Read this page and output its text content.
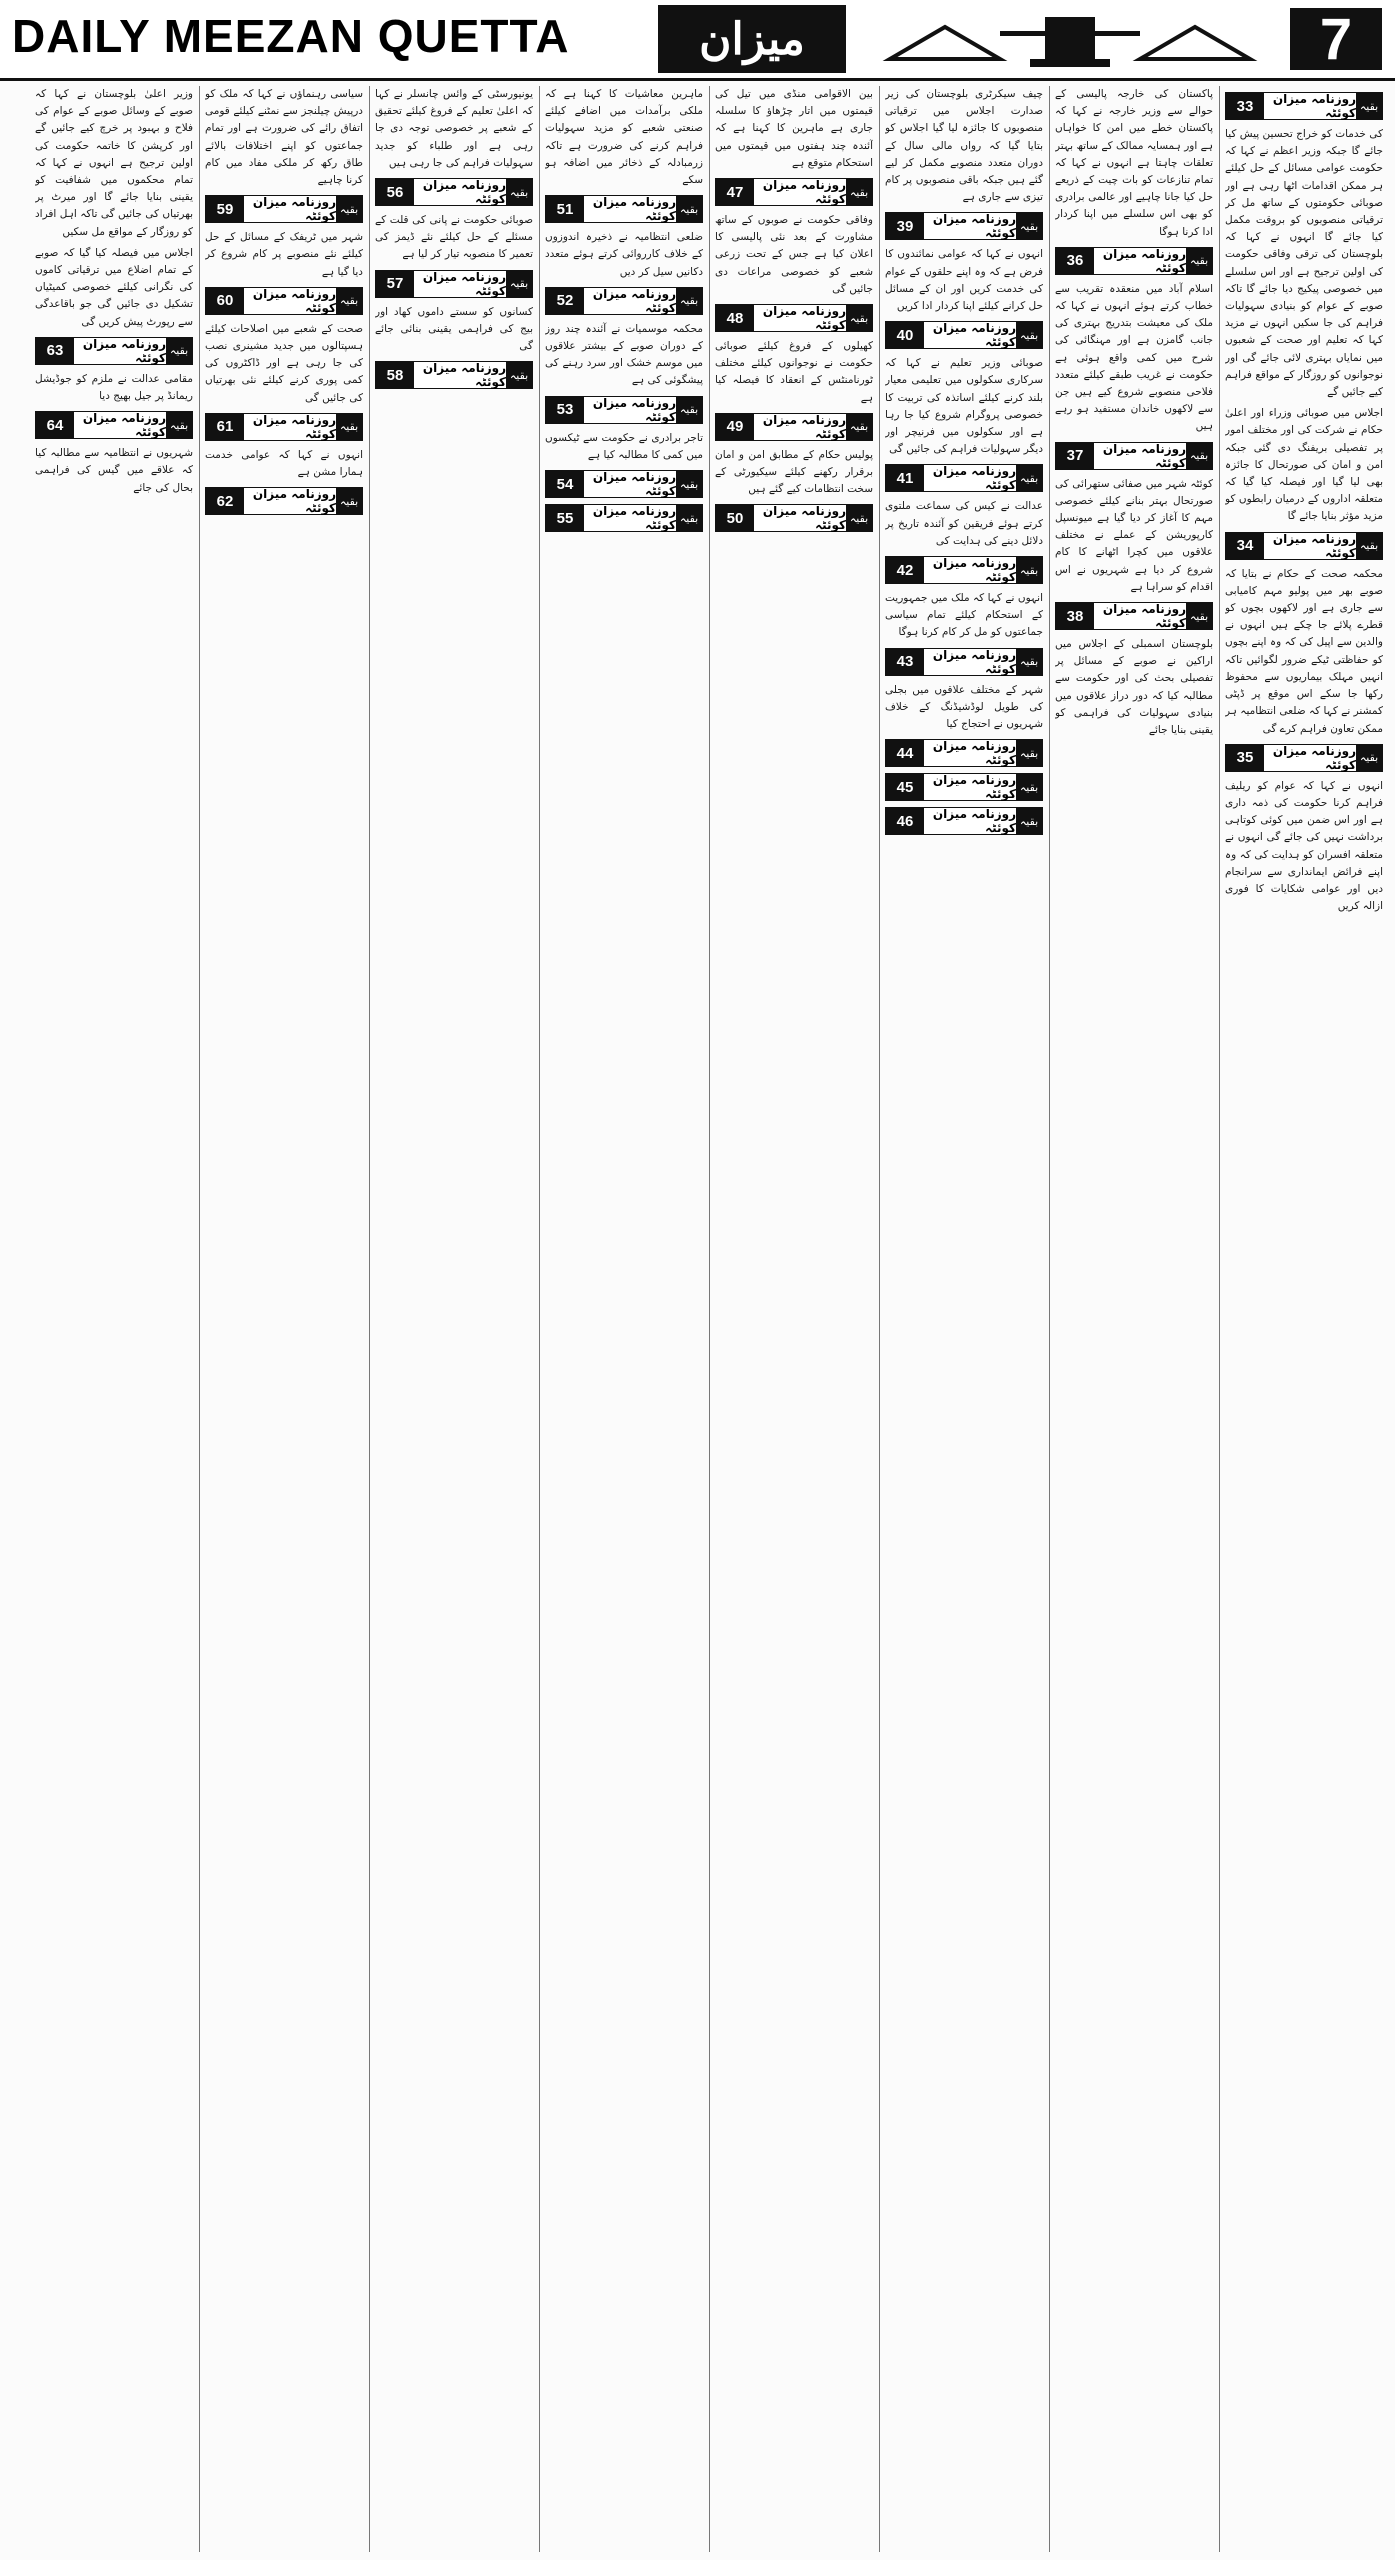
DAILY MEEZAN QUETTA	میزان	7
بقیہ
روزنامہ میزان کوئٹہ
33

کی خدمات کو خراج تحسین پیش کیا جائے گا جبکہ وزیر اعظم نے کہا کہ حکومت عوامی مسائل کے حل کیلئے ہر ممکن اقدامات اٹھا رہی ہے اور صوبائی حکومتوں کے ساتھ مل کر ترقیاتی منصوبوں کو بروقت مکمل کیا جائے گا انہوں نے کہا کہ بلوچستان کی ترقی وفاقی حکومت کی اولین ترجیح ہے اور اس سلسلے میں خصوصی پیکیج دیا جائے گا تاکہ صوبے کے عوام کو بنیادی سہولیات فراہم کی جا سکیں انہوں نے مزید کہا کہ تعلیم اور صحت کے شعبوں میں نمایاں بہتری لائی جائے گی اور نوجوانوں کو روزگار کے مواقع فراہم کیے جائیں گے

اجلاس میں صوبائی وزراء اور اعلیٰ حکام نے شرکت کی اور مختلف امور پر تفصیلی بریفنگ دی گئی جبکہ امن و امان کی صورتحال کا جائزہ بھی لیا گیا اور فیصلہ کیا گیا کہ متعلقہ اداروں کے درمیان رابطوں کو مزید مؤثر بنایا جائے گا

بقیہ
روزنامہ میزان کوئٹہ
34

محکمہ صحت کے حکام نے بتایا کہ صوبے بھر میں پولیو مہم کامیابی سے جاری ہے اور لاکھوں بچوں کو قطرے پلائے جا چکے ہیں انہوں نے والدین سے اپیل کی کہ وہ اپنے بچوں کو حفاظتی ٹیکے ضرور لگوائیں تاکہ انہیں مہلک بیماریوں سے محفوظ رکھا جا سکے اس موقع پر ڈپٹی کمشنر نے کہا کہ ضلعی انتظامیہ ہر ممکن تعاون فراہم کرے گی

بقیہ
روزنامہ میزان کوئٹہ
35

انہوں نے کہا کہ عوام کو ریلیف فراہم کرنا حکومت کی ذمہ داری ہے اور اس ضمن میں کوئی کوتاہی برداشت نہیں کی جائے گی انہوں نے متعلقہ افسران کو ہدایت کی کہ وہ اپنے فرائض ایمانداری سے سرانجام دیں اور عوامی شکایات کا فوری ازالہ کریں

پاکستان کی خارجہ پالیسی کے حوالے سے وزیر خارجہ نے کہا کہ پاکستان خطے میں امن کا خواہاں ہے اور ہمسایہ ممالک کے ساتھ بہتر تعلقات چاہتا ہے انہوں نے کہا کہ تمام تنازعات کو بات چیت کے ذریعے حل کیا جانا چاہیے اور عالمی برادری کو بھی اس سلسلے میں اپنا کردار ادا کرنا ہوگا

بقیہ
روزنامہ میزان کوئٹہ
36

اسلام آباد میں منعقدہ تقریب سے خطاب کرتے ہوئے انہوں نے کہا کہ ملک کی معیشت بتدریج بہتری کی جانب گامزن ہے اور مہنگائی کی شرح میں کمی واقع ہوئی ہے حکومت نے غریب طبقے کیلئے متعدد فلاحی منصوبے شروع کیے ہیں جن سے لاکھوں خاندان مستفید ہو رہے ہیں

بقیہ
روزنامہ میزان کوئٹہ
37

کوئٹہ شہر میں صفائی ستھرائی کی صورتحال بہتر بنانے کیلئے خصوصی مہم کا آغاز کر دیا گیا ہے میونسپل کارپوریشن کے عملے نے مختلف علاقوں میں کچرا اٹھانے کا کام شروع کر دیا ہے شہریوں نے اس اقدام کو سراہا ہے

بقیہ
روزنامہ میزان کوئٹہ
38

بلوچستان اسمبلی کے اجلاس میں اراکین نے صوبے کے مسائل پر تفصیلی بحث کی اور حکومت سے مطالبہ کیا کہ دور دراز علاقوں میں بنیادی سہولیات کی فراہمی کو یقینی بنایا جائے

چیف سیکرٹری بلوچستان کی زیر صدارت اجلاس میں ترقیاتی منصوبوں کا جائزہ لیا گیا اجلاس کو بتایا گیا کہ رواں مالی سال کے دوران متعدد منصوبے مکمل کر لیے گئے ہیں جبکہ باقی منصوبوں پر کام تیزی سے جاری ہے

بقیہ
روزنامہ میزان کوئٹہ
39

انہوں نے کہا کہ عوامی نمائندوں کا فرض ہے کہ وہ اپنے حلقوں کے عوام کی خدمت کریں اور ان کے مسائل حل کرانے کیلئے اپنا کردار ادا کریں

بقیہ
روزنامہ میزان کوئٹہ
40

صوبائی وزیر تعلیم نے کہا کہ سرکاری سکولوں میں تعلیمی معیار بلند کرنے کیلئے اساتذہ کی تربیت کا خصوصی پروگرام شروع کیا جا رہا ہے اور سکولوں میں فرنیچر اور دیگر سہولیات فراہم کی جائیں گی

بقیہ
روزنامہ میزان کوئٹہ
41

عدالت نے کیس کی سماعت ملتوی کرتے ہوئے فریقین کو آئندہ تاریخ پر دلائل دینے کی ہدایت کی

بقیہ
روزنامہ میزان کوئٹہ
42

انہوں نے کہا کہ ملک میں جمہوریت کے استحکام کیلئے تمام سیاسی جماعتوں کو مل کر کام کرنا ہوگا

بقیہ
روزنامہ میزان کوئٹہ
43

شہر کے مختلف علاقوں میں بجلی کی طویل لوڈشیڈنگ کے خلاف شہریوں نے احتجاج کیا

بقیہ
روزنامہ میزان کوئٹہ
44
بقیہ
روزنامہ میزان کوئٹہ
45
بقیہ
روزنامہ میزان کوئٹہ
46

بین الاقوامی منڈی میں تیل کی قیمتوں میں اتار چڑھاؤ کا سلسلہ جاری ہے ماہرین کا کہنا ہے کہ آئندہ چند ہفتوں میں قیمتوں میں استحکام متوقع ہے

بقیہ
روزنامہ میزان کوئٹہ
47

وفاقی حکومت نے صوبوں کے ساتھ مشاورت کے بعد نئی پالیسی کا اعلان کیا ہے جس کے تحت زرعی شعبے کو خصوصی مراعات دی جائیں گی

بقیہ
روزنامہ میزان کوئٹہ
48

کھیلوں کے فروغ کیلئے صوبائی حکومت نے نوجوانوں کیلئے مختلف ٹورنامنٹس کے انعقاد کا فیصلہ کیا ہے

بقیہ
روزنامہ میزان کوئٹہ
49

پولیس حکام کے مطابق امن و امان برقرار رکھنے کیلئے سیکیورٹی کے سخت انتظامات کیے گئے ہیں

بقیہ
روزنامہ میزان کوئٹہ
50

ماہرین معاشیات کا کہنا ہے کہ ملکی برآمدات میں اضافے کیلئے صنعتی شعبے کو مزید سہولیات فراہم کرنے کی ضرورت ہے تاکہ زرمبادلہ کے ذخائر میں اضافہ ہو سکے

بقیہ
روزنامہ میزان کوئٹہ
51

ضلعی انتظامیہ نے ذخیرہ اندوزوں کے خلاف کارروائی کرتے ہوئے متعدد دکانیں سیل کر دیں

بقیہ
روزنامہ میزان کوئٹہ
52

محکمہ موسمیات نے آئندہ چند روز کے دوران صوبے کے بیشتر علاقوں میں موسم خشک اور سرد رہنے کی پیشگوئی کی ہے

بقیہ
روزنامہ میزان کوئٹہ
53

تاجر برادری نے حکومت سے ٹیکسوں میں کمی کا مطالبہ کیا ہے

بقیہ
روزنامہ میزان کوئٹہ
54
بقیہ
روزنامہ میزان کوئٹہ
55

یونیورسٹی کے وائس چانسلر نے کہا کہ اعلیٰ تعلیم کے فروغ کیلئے تحقیق کے شعبے پر خصوصی توجہ دی جا رہی ہے اور طلباء کو جدید سہولیات فراہم کی جا رہی ہیں

بقیہ
روزنامہ میزان کوئٹہ
56

صوبائی حکومت نے پانی کی قلت کے مسئلے کے حل کیلئے نئے ڈیمز کی تعمیر کا منصوبہ تیار کر لیا ہے

بقیہ
روزنامہ میزان کوئٹہ
57

کسانوں کو سستے داموں کھاد اور بیج کی فراہمی یقینی بنائی جائے گی

بقیہ
روزنامہ میزان کوئٹہ
58

سیاسی رہنماؤں نے کہا کہ ملک کو درپیش چیلنجز سے نمٹنے کیلئے قومی اتفاق رائے کی ضرورت ہے اور تمام جماعتوں کو اپنے اختلافات بالائے طاق رکھ کر ملکی مفاد میں کام کرنا چاہیے

بقیہ
روزنامہ میزان کوئٹہ
59

شہر میں ٹریفک کے مسائل کے حل کیلئے نئے منصوبے پر کام شروع کر دیا گیا ہے

بقیہ
روزنامہ میزان کوئٹہ
60

صحت کے شعبے میں اصلاحات کیلئے ہسپتالوں میں جدید مشینری نصب کی جا رہی ہے اور ڈاکٹروں کی کمی پوری کرنے کیلئے نئی بھرتیاں کی جائیں گی

بقیہ
روزنامہ میزان کوئٹہ
61

انہوں نے کہا کہ عوامی خدمت ہمارا مشن ہے

بقیہ
روزنامہ میزان کوئٹہ
62

وزیر اعلیٰ بلوچستان نے کہا کہ صوبے کے وسائل صوبے کے عوام کی فلاح و بہبود پر خرچ کیے جائیں گے اور کرپشن کا خاتمہ حکومت کی اولین ترجیح ہے انہوں نے کہا کہ تمام محکموں میں شفافیت کو یقینی بنایا جائے گا اور میرٹ پر بھرتیاں کی جائیں گی تاکہ اہل افراد کو روزگار کے مواقع مل سکیں

اجلاس میں فیصلہ کیا گیا کہ صوبے کے تمام اضلاع میں ترقیاتی کاموں کی نگرانی کیلئے خصوصی کمیٹیاں تشکیل دی جائیں گی جو باقاعدگی سے رپورٹ پیش کریں گی

بقیہ
روزنامہ میزان کوئٹہ
63

مقامی عدالت نے ملزم کو جوڈیشل ریمانڈ پر جیل بھیج دیا

بقیہ
روزنامہ میزان کوئٹہ
64

شہریوں نے انتظامیہ سے مطالبہ کیا کہ علاقے میں گیس کی فراہمی بحال کی جائے
